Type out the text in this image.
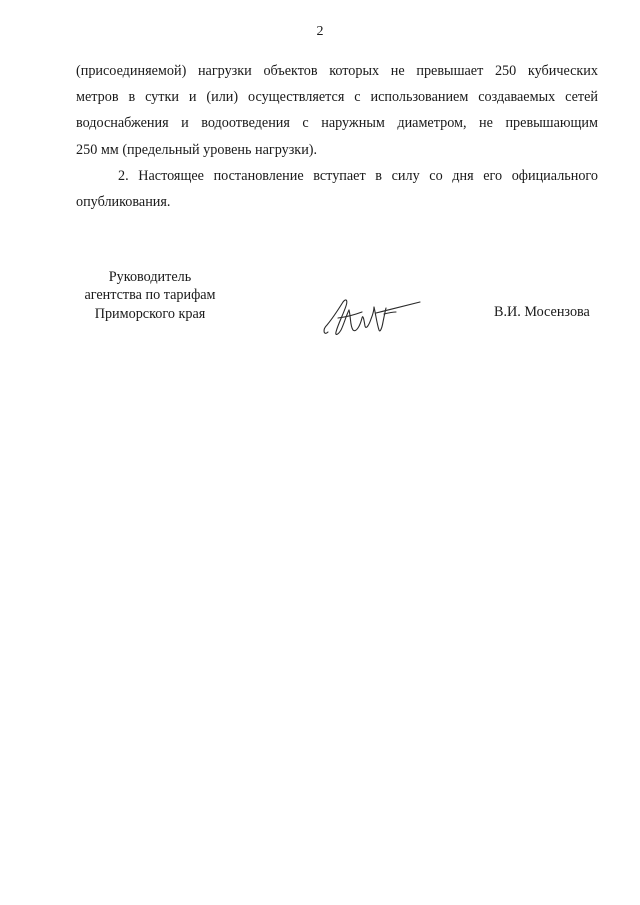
2
(присоединяемой) нагрузки объектов которых не превышает 250 кубических
метров в сутки и (или) осуществляется с использованием создаваемых сетей
водоснабжения и водоотведения с наружным диаметром, не превышающим
250 мм (предельный уровень нагрузки).
2. Настоящее постановление вступает в силу со дня его официального
опубликования.
Руководитель
агентства по тарифам
Приморского края	В.И. Мосензова
